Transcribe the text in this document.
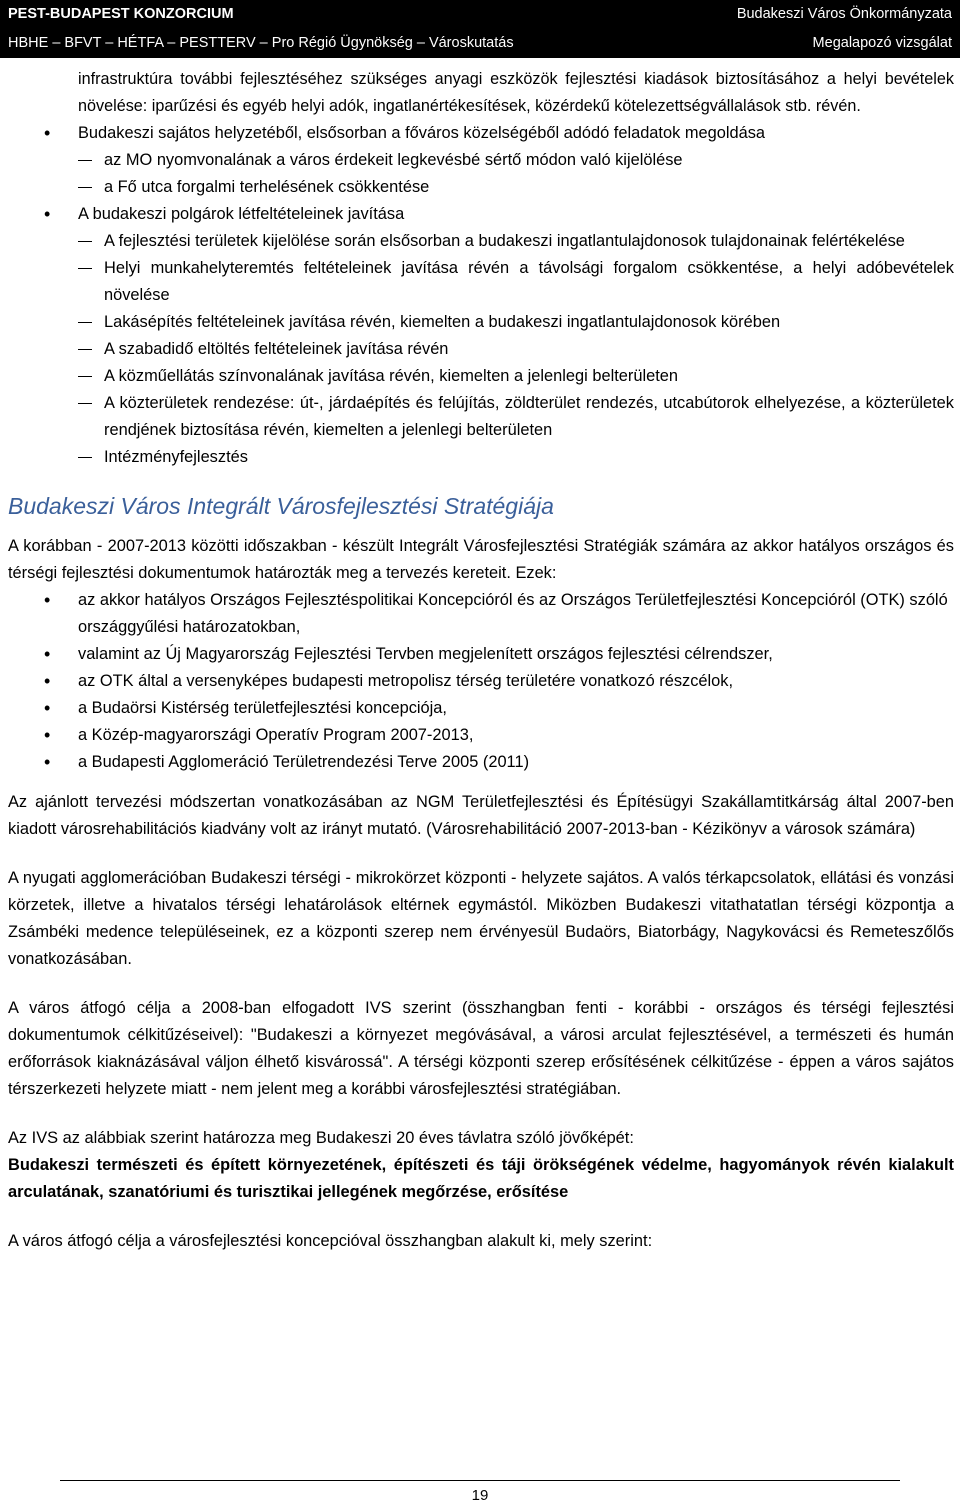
PEST-BUDAPEST KONZORCIUM	Budakeszi Város Önkormányzata
HBHE – BFVT – HÉTFA – PESTTERV – Pro Régió Ügynökség – Városkutatás	Megalapozó vizsgálat
infrastruktúra további fejlesztéséhez szükséges anyagi eszközök fejlesztési kiadások biztosításához a helyi bevételek növelése: iparűzési és egyéb helyi adók, ingatlanértékesítések, közérdekű kötelezettségvállalások stb. révén.
• Budakeszi sajátos helyzetéből, elsősorban a főváros közelségéből adódó feladatok megoldása
az MO nyomvonalának a város érdekeit legkevésbé sértő módon való kijelölése
a Fő utca forgalmi terhelésének csökkentése
• A budakeszi polgárok létfeltételeinek javítása
A fejlesztési területek kijelölése során elsősorban a budakeszi ingatlantulajdonosok tulajdonainak felértékelése
Helyi munkahelyteremtés feltételeinek javítása révén a távolsági forgalom csökkentése, a helyi adóbevételek növelése
Lakásépítés feltételeinek javítása révén, kiemelten a budakeszi ingatlantulajdonosok körében
A szabadidő eltöltés feltételeinek javítása révén
A közműellátás színvonalának javítása révén, kiemelten a jelenlegi belterületen
A közterületek rendezése: út-, járdaépítés és felújítás, zöldterület rendezés, utcabútorok elhelyezése, a közterületek rendjének biztosítása révén, kiemelten a jelenlegi belterületen
Intézményfejlesztés
Budakeszi Város Integrált Városfejlesztési Stratégiája

A korábban - 2007-2013 közötti időszakban - készült Integrált Városfejlesztési Stratégiák számára az akkor hatályos országos és térségi fejlesztési dokumentumok határozták meg a tervezés kereteit. Ezek:

• az akkor hatályos Országos Fejlesztéspolitikai Koncepcióról és az Országos Területfejlesztési Koncepcióról (OTK) szóló országgyűlési határozatokban,
• valamint az Új Magyarország Fejlesztési Tervben megjelenített országos fejlesztési célrendszer,
• az OTK által a versenyképes budapesti metropolisz térség területére vonatkozó részcélok,
• a Budaörsi Kistérség területfejlesztési koncepciója,
• a Közép-magyarországi Operatív Program 2007-2013,
• a Budapesti Agglomeráció Területrendezési Terve 2005 (2011)

Az ajánlott tervezési módszertan vonatkozásában az NGM Területfejlesztési és Építésügyi Szakállamtitkárság által 2007-ben kiadott városrehabilitációs kiadvány volt az irányt mutató. (Városrehabilitáció 2007-2013-ban - Kézikönyv a városok számára)

A nyugati agglomerációban Budakeszi térségi - mikrokörzet központi - helyzete sajátos. A valós térkapcsolatok, ellátási és vonzási körzetek, illetve a hivatalos térségi lehatárolások eltérnek egymástól. Miközben Budakeszi vitathatatlan térségi központja a Zsámbéki medence településeinek, ez a központi szerep nem érvényesül Budaörs, Biatorbágy, Nagykovácsi és Remeteszőlős vonatkozásában.

A város átfogó célja a 2008-ban elfogadott IVS szerint (összhangban fenti - korábbi - országos és térségi fejlesztési dokumentumok célkitűzéseivel): "Budakeszi a környezet megóvásával, a városi arculat fejlesztésével, a természeti és humán erőforrások kiaknázásával váljon élhető kisvárossá". A térségi központi szerep erősítésének célkitűzése - éppen a város sajátos térszerkezeti helyzete miatt - nem jelent meg a korábbi városfejlesztési stratégiában.

Az IVS az alábbiak szerint határozza meg Budakeszi 20 éves távlatra szóló jövőképét:

Budakeszi természeti és épített környezetének, építészeti és táji örökségének védelme, hagyományok révén kialakult arculatának, szanatóriumi és turisztikai jellegének megőrzése, erősítése

A város átfogó célja a városfejlesztési koncepcióval összhangban alakult ki, mely szerint:

19
